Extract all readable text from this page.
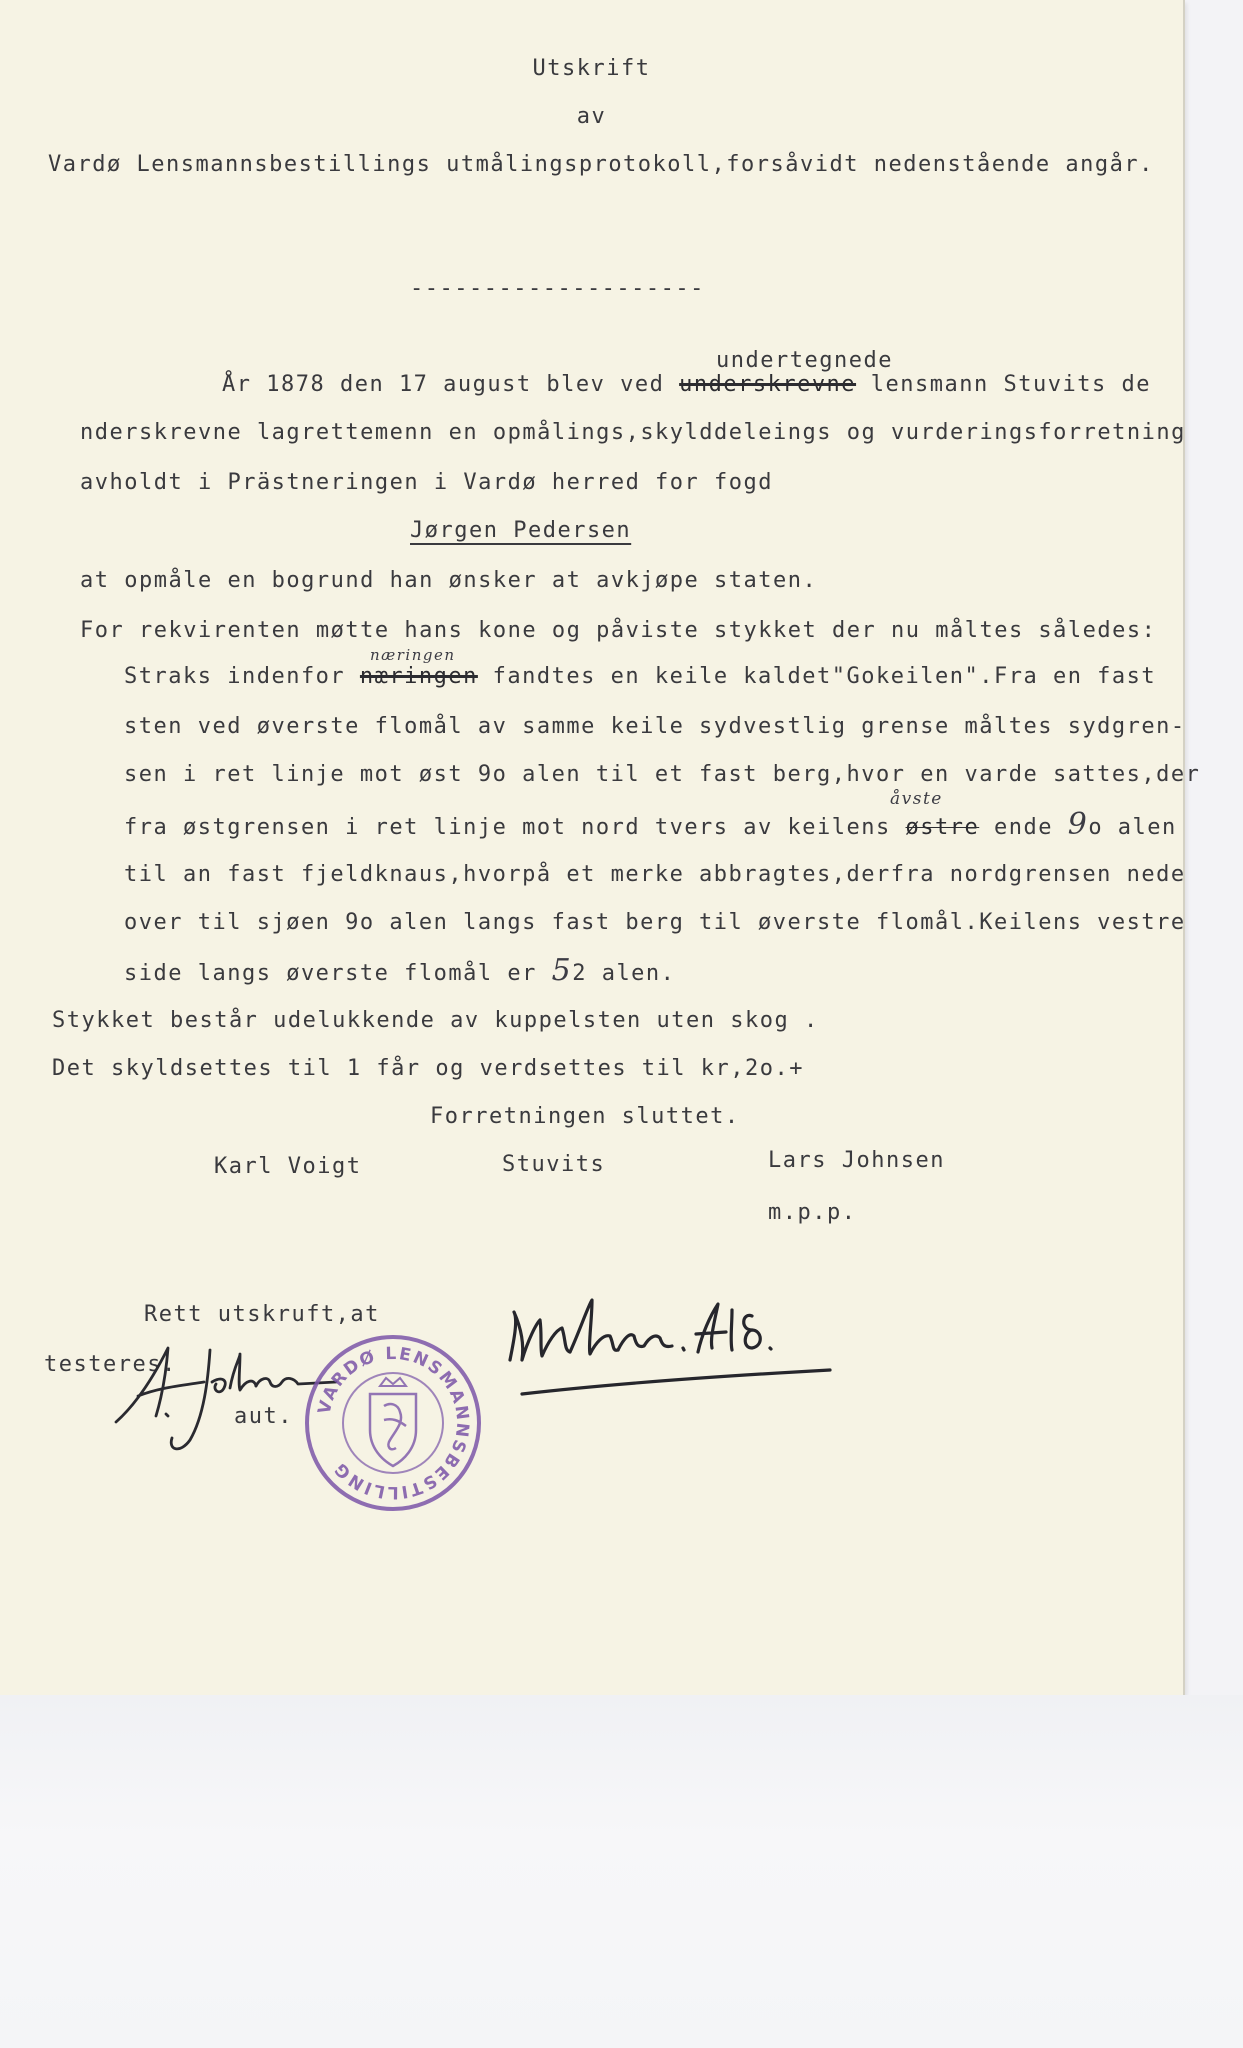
Utskrift
av
Vardø Lensmannsbestillings utmålingsprotokoll,forsåvidt nedenstående angår.
--------------------
undertegnede
År 1878 den 17 august blev ved underskrevne lensmann Stuvits de
nderskrevne lagrettemenn en opmålings,skylddeleings og vurderingsforretning
avholdt i Prästneringen i Vardø herred for fogd
Jørgen Pedersen
at opmåle en bogrund han ønsker at avkjøpe staten.
For rekvirenten møtte hans kone og påviste stykket der nu måltes således:
næringen
Straks indenfor næringen fandtes en keile kaldet"Gokeilen".Fra en fast
sten ved øverste flomål av samme keile sydvestlig grense måltes sydgren-
sen i ret linje mot øst 9o alen til et fast berg,hvor en varde sattes,der
åvste
fra østgrensen i ret linje mot nord tvers av keilens østre ende 9o alen
til an fast fjeldknaus,hvorpå et merke abbragtes,derfra nordgrensen nede
over til sjøen 9o alen langs fast berg til øverste flomål.Keilens vestre
side langs øverste flomål er 52 alen.
Stykket består udelukkende av kuppelsten uten skog .
Det skyldsettes til 1 får og verdsettes til kr,2o.+
Forretningen sluttet.
Karl Voigt	Stuvits	Lars Johnsen
m.p.p.
Rett utskruft,at
testeres.
aut. VARDØ LENSMANNSBESTILLING
